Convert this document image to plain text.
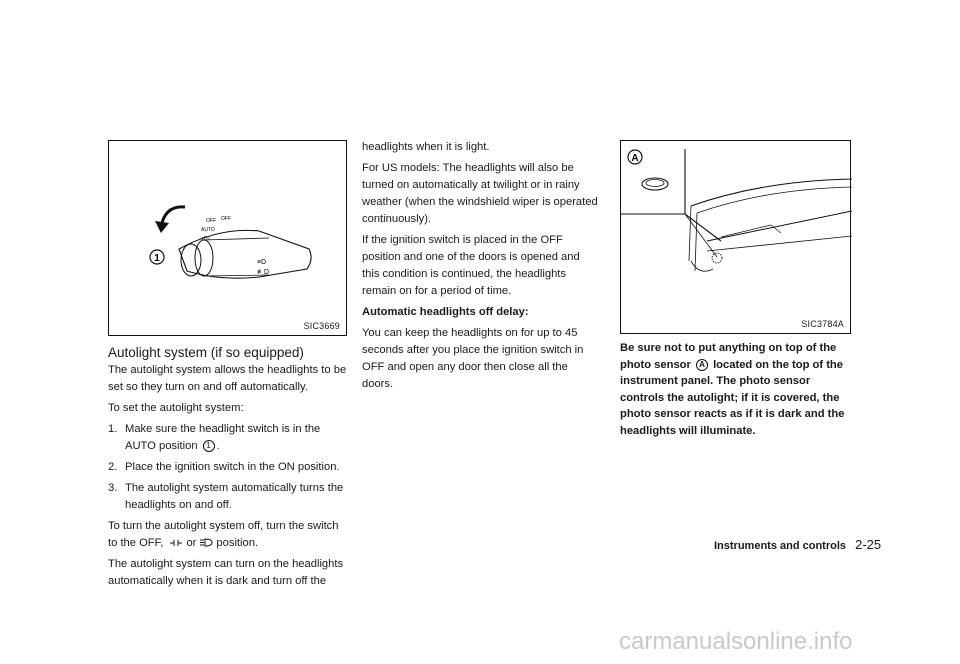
OFF OFF
AUTO
≡D○
≡D
≢D
1
SIC3669
Autolight system (if so equipped)

The autolight system allows the headlights to be set so they turn on and off automatically.

To set the autolight system:

1. Make sure the headlight switch is in the AUTO position 1 .
2. Place the ignition switch in the ON position.
3. The autolight system automatically turns the headlights on and off.

To turn the autolight system off, turn the switch to the OFF, or position.

The autolight system can turn on the headlights automatically when it is dark and turn off the

headlights when it is light.

For US models: The headlights will also be turned on automatically at twilight or in rainy weather (when the windshield wiper is operated continuously).

If the ignition switch is placed in the OFF position and one of the doors is opened and this condition is continued, the headlights remain on for a period of time.

Automatic headlights off delay:

You can keep the headlights on for up to 45 seconds after you place the ignition switch in OFF and open any door then close all the doors.

A
SIC3784A
Be sure not to put anything on top of the photo sensor A located on the top of the instrument panel. The photo sensor controls the autolight; if it is covered, the photo sensor reacts as if it is dark and the headlights will illuminate.
Instruments and controls 2-25
carmanualsonline.info
